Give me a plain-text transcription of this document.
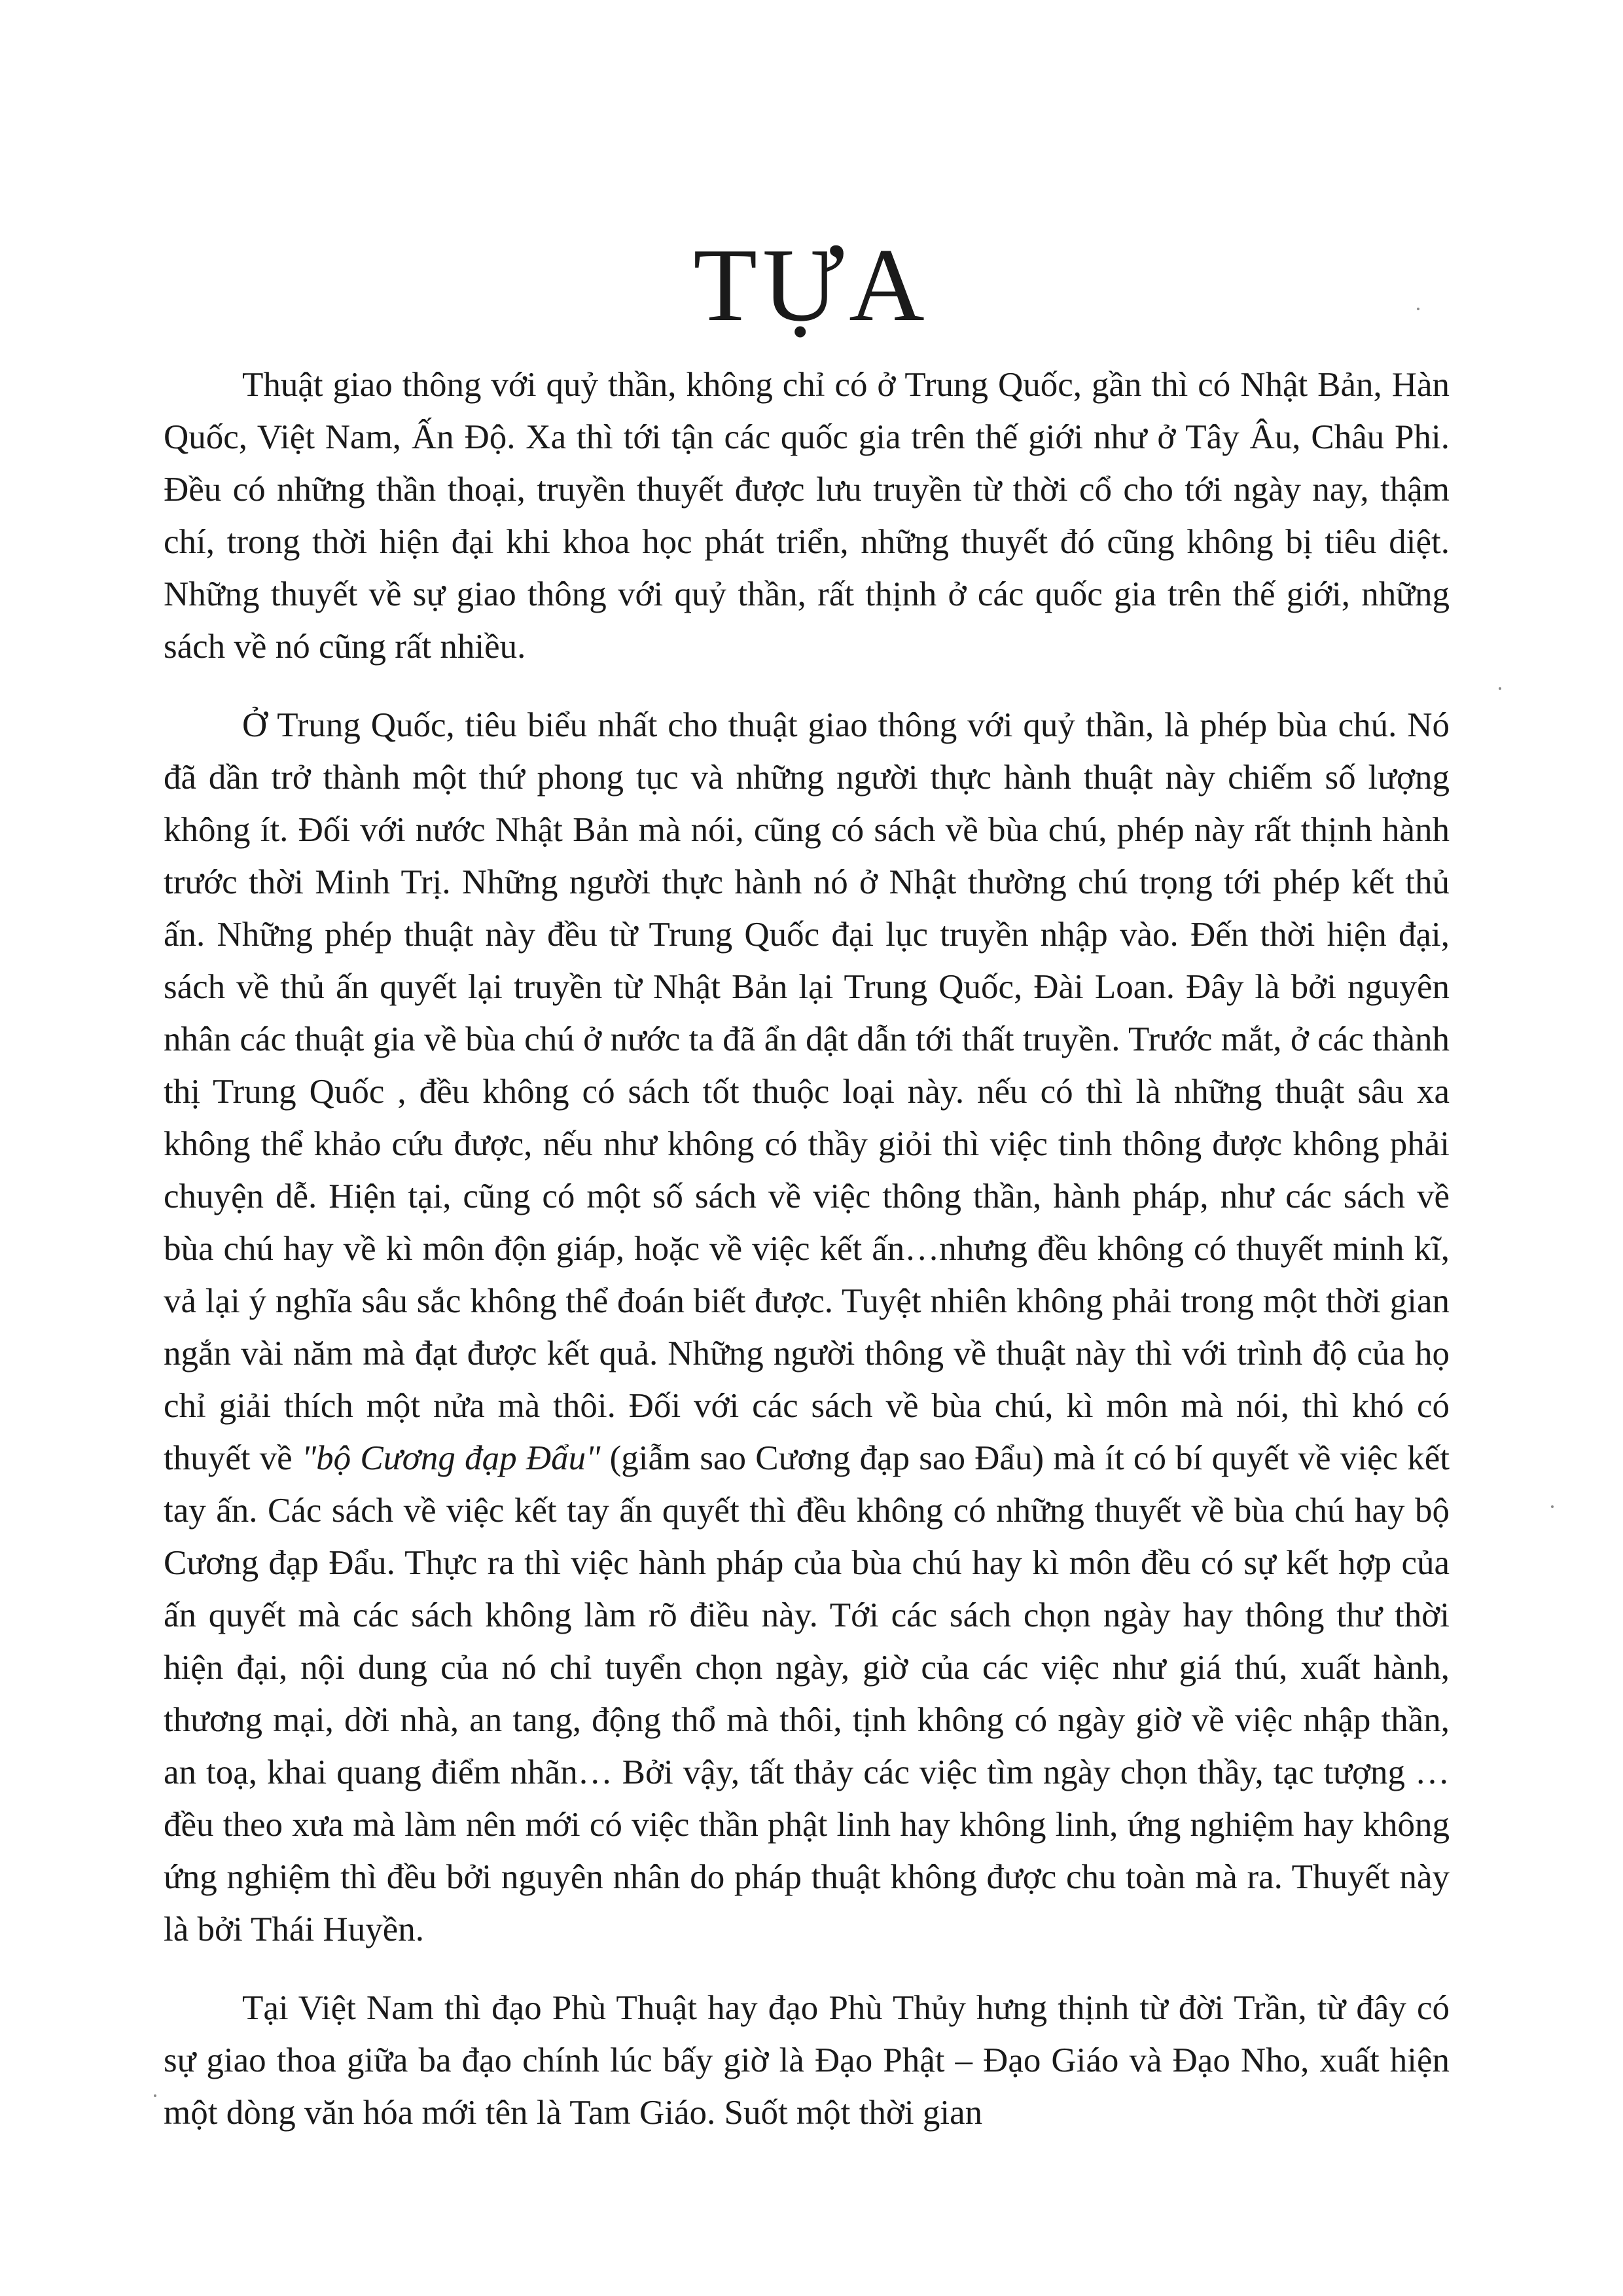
TỰA

Thuật giao thông với quỷ thần, không chỉ có ở Trung Quốc, gần thì có Nhật Bản, Hàn Quốc, Việt Nam, Ấn Độ. Xa thì tới tận các quốc gia trên thế giới như ở Tây Âu, Châu Phi. Đều có những thần thoại, truyền thuyết được lưu truyền từ thời cổ cho tới ngày nay, thậm chí, trong thời hiện đại khi khoa học phát triển, những thuyết đó cũng không bị tiêu diệt. Những thuyết về sự giao thông với quỷ thần, rất thịnh ở các quốc gia trên thế giới, những sách về nó cũng rất nhiều.

Ở Trung Quốc, tiêu biểu nhất cho thuật giao thông với quỷ thần, là phép bùa chú. Nó đã dần trở thành một thứ phong tục và những người thực hành thuật này chiếm số lượng không ít. Đối với nước Nhật Bản mà nói, cũng có sách về bùa chú, phép này rất thịnh hành trước thời Minh Trị. Những người thực hành nó ở Nhật thường chú trọng tới phép kết thủ ấn. Những phép thuật này đều từ Trung Quốc đại lục truyền nhập vào. Đến thời hiện đại, sách về thủ ấn quyết lại truyền từ Nhật Bản lại Trung Quốc, Đài Loan. Đây là bởi nguyên nhân các thuật gia về bùa chú ở nước ta đã ẩn dật dẫn tới thất truyền. Trước mắt, ở các thành thị Trung Quốc , đều không có sách tốt thuộc loại này. nếu có thì là những thuật sâu xa không thể khảo cứu được, nếu như không có thầy giỏi thì việc tinh thông được không phải chuyện dễ. Hiện tại, cũng có một số sách về việc thông thần, hành pháp, như các sách về bùa chú hay về kì môn độn giáp, hoặc về việc kết ấn…nhưng đều không có thuyết minh kĩ, vả lại ý nghĩa sâu sắc không thể đoán biết được. Tuyệt nhiên không phải trong một thời gian ngắn vài năm mà đạt được kết quả. Những người thông về thuật này thì với trình độ của họ chỉ giải thích một nửa mà thôi. Đối với các sách về bùa chú, kì môn mà nói, thì khó có thuyết về "bộ Cương đạp Đẩu" (giẫm sao Cương đạp sao Đẩu) mà ít có bí quyết về việc kết tay ấn. Các sách về việc kết tay ấn quyết thì đều không có những thuyết về bùa chú hay bộ Cương đạp Đẩu. Thực ra thì việc hành pháp của bùa chú hay kì môn đều có sự kết hợp của ấn quyết mà các sách không làm rõ điều này. Tới các sách chọn ngày hay thông thư thời hiện đại, nội dung của nó chỉ tuyển chọn ngày, giờ của các việc như giá thú, xuất hành, thương mại, dời nhà, an tang, động thổ mà thôi, tịnh không có ngày giờ về việc nhập thần, an toạ, khai quang điểm nhãn… Bởi vậy, tất thảy các việc tìm ngày chọn thầy, tạc tượng … đều theo xưa mà làm nên mới có việc thần phật linh hay không linh, ứng nghiệm hay không ứng nghiệm thì đều bởi nguyên nhân do pháp thuật không được chu toàn mà ra. Thuyết này là bởi Thái Huyền.

Tại Việt Nam thì đạo Phù Thuật hay đạo Phù Thủy hưng thịnh từ đời Trần, từ đây có sự giao thoa giữa ba đạo chính lúc bấy giờ là Đạo Phật – Đạo Giáo và Đạo Nho, xuất hiện một dòng văn hóa mới tên là Tam Giáo. Suốt một thời gian
